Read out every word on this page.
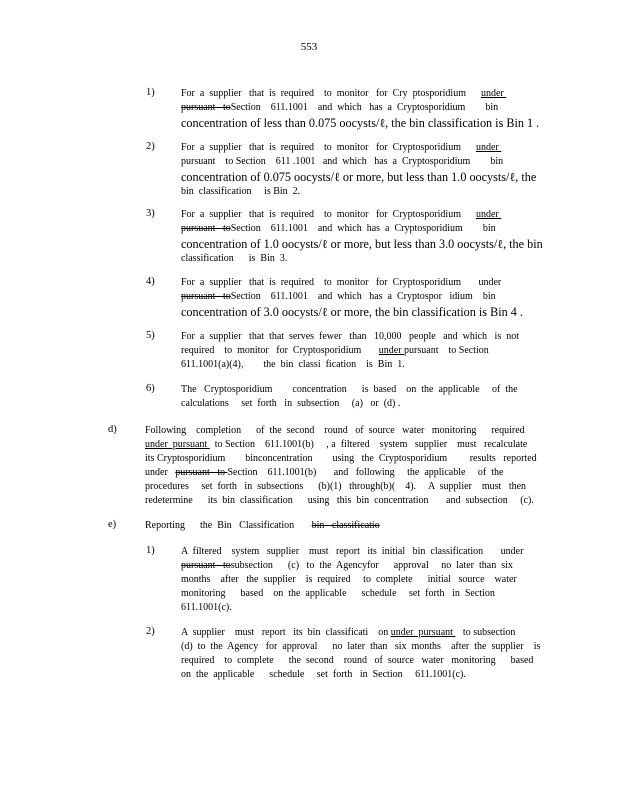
553
1)	For  a  supplier   that  is  required    to  monitor   for  Cry  ptosporidium      under
pursuant   toSection    611.1001    and  which   has  a  Cryptosporidium        bin
concentration of less than 0.075 oocysts/ℓ, the bin classification is Bin 1 .
2)	For  a  supplier   that  is  required    to  monitor   for  Cryptosporidium      under
pursuant    to Section    611 .1001   and  which   has  a  Cryptosporidium        bin
concentration of 0.075 oocysts/ℓ or more, but less than 1.0 oocysts/ℓ, the
bin  classification     is Bin  2.
3)	For  a  supplier   that  is  required    to  monitor   for  Cryptosporidium      under
pursuant   toSection    611.1001    and  which  has  a  Cryptosporidium        bin
concentration of 1.0 oocysts/ℓ or more, but less than 3.0 oocysts/ℓ, the bin
classification      is  Bin  3.
4)	For  a  supplier   that  is  required    to  monitor   for  Cryptosporidium       under
pursuant   toSection    611.1001    and  which   has  a  Cryptospor   idium    bin
concentration of 3.0 oocysts/ℓ or more, the bin classification is Bin 4 .
5)	For  a  supplier   that  that  serves  fewer   than   10,000   people   and  which   is  not
required    to  monitor   for  Cryptosporidium       under pursuant    to Section
611.1001(a)(4),        the  bin  classi  fication    is  Bin  1.
6)	The   Cryptosporidium        concentration      is  based    on  the  applicable     of  the
calculations     set  forth   in  subsection     (a)   or  (d) .
d)	Following    completion      of  the  second    round   of  source   water   monitoring      required
under  pursuant   to Section    611.1001(b)     , a  filtered    system   supplier    must   recalculate
its Cryptosporidium        binconcentration        using   the  Cryptosporidium         results   reported
under   pursuant   to Section    611.1001(b)       and   following     the  applicable     of  the
procedures     set  forth   in  subsections      (b)(1)   through(b)(    4).     A  supplier    must   then
redetermine      its  bin  classification      using   this  bin  concentration       and  subsection     (c).
e)	Reporting      the  Bin   Classification       bin   classificatio
1)	A  filtered    system   supplier    must   report   its  initial   bin  classification       under
pursuant   tosubsection      (c)   to  the  Agencyfor      approval     no  later  than  six
months    after   the  supplier    is  required     to  complete      initial   source    water
monitoring      based    on  the  applicable      schedule     set  forth   in  Section
611.1001(c).
2)	A  supplier    must   report   its  bin  classificati    on under  pursuant    to subsection
(d)  to  the  Agency   for  approval      no  later  than   six  months    after  the  supplier    is
required    to  complete      the  second    round   of  source   water   monitoring      based
on  the  applicable      schedule     set  forth   in  Section     611.1001(c).
